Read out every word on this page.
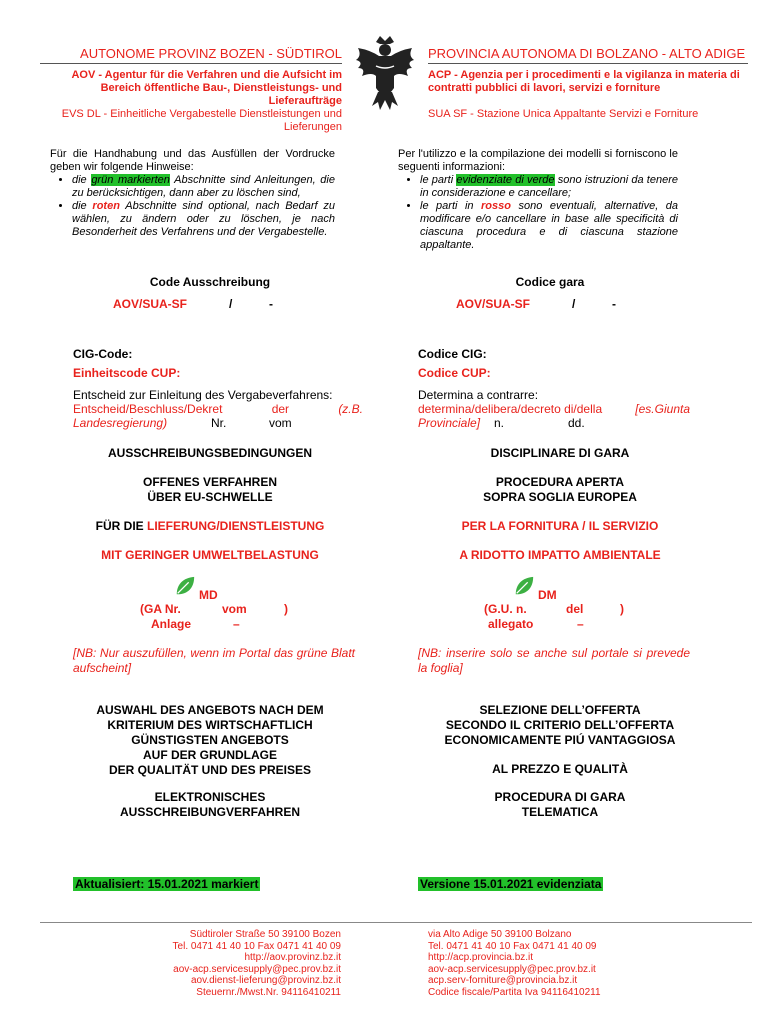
AUTONOME PROVINZ BOZEN - SÜDTIROL	PROVINCIA AUTONOMA DI BOLZANO - ALTO ADIGE
AOV - Agentur für die Verfahren und die Aufsicht im Bereich öffentliche Bau-, Dienstleistungs- und Lieferaufträge
ACP - Agenzia per i procedimenti e la vigilanza in materia di contratti pubblici di lavori, servizi e forniture
EVS DL - Einheitliche Vergabestelle Dienstleistungen und Lieferungen
SUA SF - Stazione Unica Appaltante Servizi e Forniture
Für die Handhabung und das Ausfüllen der Vordrucke geben wir folgende Hinweise:
• die grün markierten Abschnitte sind Anleitungen, die zu berücksichtigen, dann aber zu löschen sind,
• die roten Abschnitte sind optional, nach Bedarf zu wählen, zu ändern oder zu löschen, je nach Besonderheit des Verfahrens und der Vergabestelle.
Per l'utilizzo e la compilazione dei modelli si forniscono le seguenti informazioni:
• le parti evidenziate di verde sono istruzioni da tenere in considerazione e cancellare;
• le parti in rosso sono eventuali, alternative, da modificare e/o cancellare in base alle specificità di ciascuna procedura e di ciascuna stazione appaltante.
Code Ausschreibung	Codice gara
AOV/SUA-SF	/	-	AOV/SUA-SF	/	-
CIG-Code:	Codice CIG:
Einheitscode CUP:	Codice CUP:
Entscheid zur Einleitung des Vergabeverfahrens:
Entscheid/Beschluss/Dekret	der	(z.B.
Landesregierung)	Nr.	vom
Determina a contrarre:
determina/delibera/decreto di/della	[es.Giunta
Provinciale]	n.	dd.
AUSSCHREIBUNGSBEDINGUNGEN	DISCIPLINARE DI GARA
OFFENES VERFAHREN
ÜBER EU-SCHWELLE
PROCEDURA APERTA
SOPRA SOGLIA EUROPEA
FÜR DIE LIEFERUNG/DIENSTLEISTUNG	PER LA FORNITURA / IL SERVIZIO
MIT GERINGER UMWELTBELASTUNG	A RIDOTTO IMPATTO AMBIENTALE
MD
(GA Nr.	vom	)
Anlage	–
DM
(G.U. n.	del	)
allegato	–
[NB: Nur auszufüllen, wenn im Portal das grüne Blatt aufscheint]
[NB: inserire solo se anche sul portale si prevede la foglia]
AUSWAHL DES ANGEBOTS NACH DEM
KRITERIUM DES WIRTSCHAFTLICH
GÜNSTIGSTEN ANGEBOTS
AUF DER GRUNDLAGE
DER QUALITÄT UND DES PREISES
SELEZIONE DELL’OFFERTA
SECONDO IL CRITERIO DELL’OFFERTA
ECONOMICAMENTE PIÚ VANTAGGIOSA
AL PREZZO E QUALITÀ
ELEKTRONISCHES
AUSSCHREIBUNGVERFAHREN
PROCEDURA DI GARA
TELEMATICA
Aktualisiert: 15.01.2021 markiert	Versione 15.01.2021 evidenziata
Südtiroler Straße 50 39100 Bozen
Tel. 0471 41 40 10 Fax 0471 41 40 09
http://aov.provinz.bz.it
aov-acp.servicesupply@pec.prov.bz.it
aov.dienst-lieferung@provinz.bz.it
Steuernr./Mwst.Nr. 94116410211
via Alto Adige 50 39100 Bolzano
Tel. 0471 41 40 10 Fax 0471 41 40 09
http://acp.provincia.bz.it
aov-acp.servicesupply@pec.prov.bz.it
acp.serv-forniture@provincia.bz.it
Codice fiscale/Partita Iva 94116410211
